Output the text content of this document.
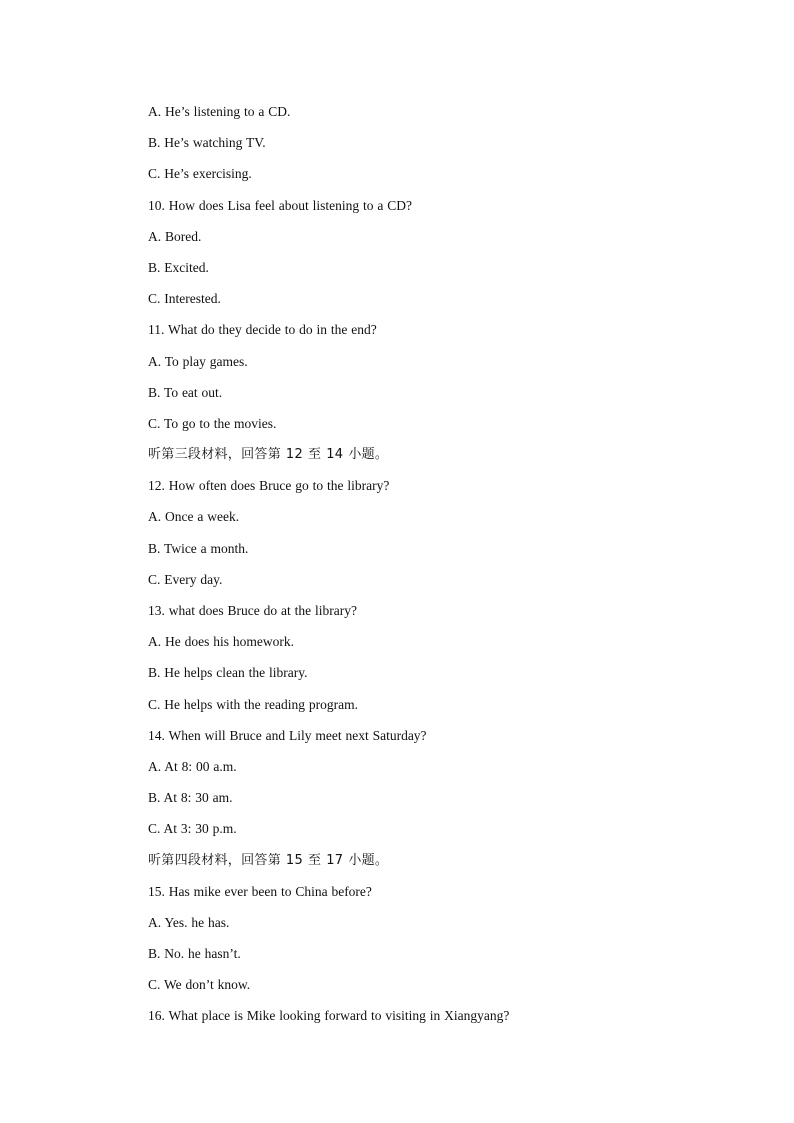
A. He’s listening to a CD.
B. He’s watching TV.
C. He’s exercising.
10. How does Lisa feel about listening to a CD?
A. Bored.
B. Excited.
C. Interested.
11. What do they decide to do in the end?
A. To play games.
B. To eat out.
C. To go to the movies.
听第三段材料，回答第 12 至 14 小题。
12. How often does Bruce go to the library?
A. Once a week.
B. Twice a month.
C. Every day.
13. what does Bruce do at the library?
A. He does his homework.
B. He helps clean the library.
C. He helps with the reading program.
14. When will Bruce and Lily meet next Saturday?
A. At 8: 00 a.m.
B. At 8: 30 am.
C. At 3: 30 p.m.
听第四段材料，回答第 15 至 17 小题。
15. Has mike ever been to China before?
A. Yes. he has.
B. No. he hasn’t.
C. We don’t know.
16. What place is Mike looking forward to visiting in Xiangyang?
